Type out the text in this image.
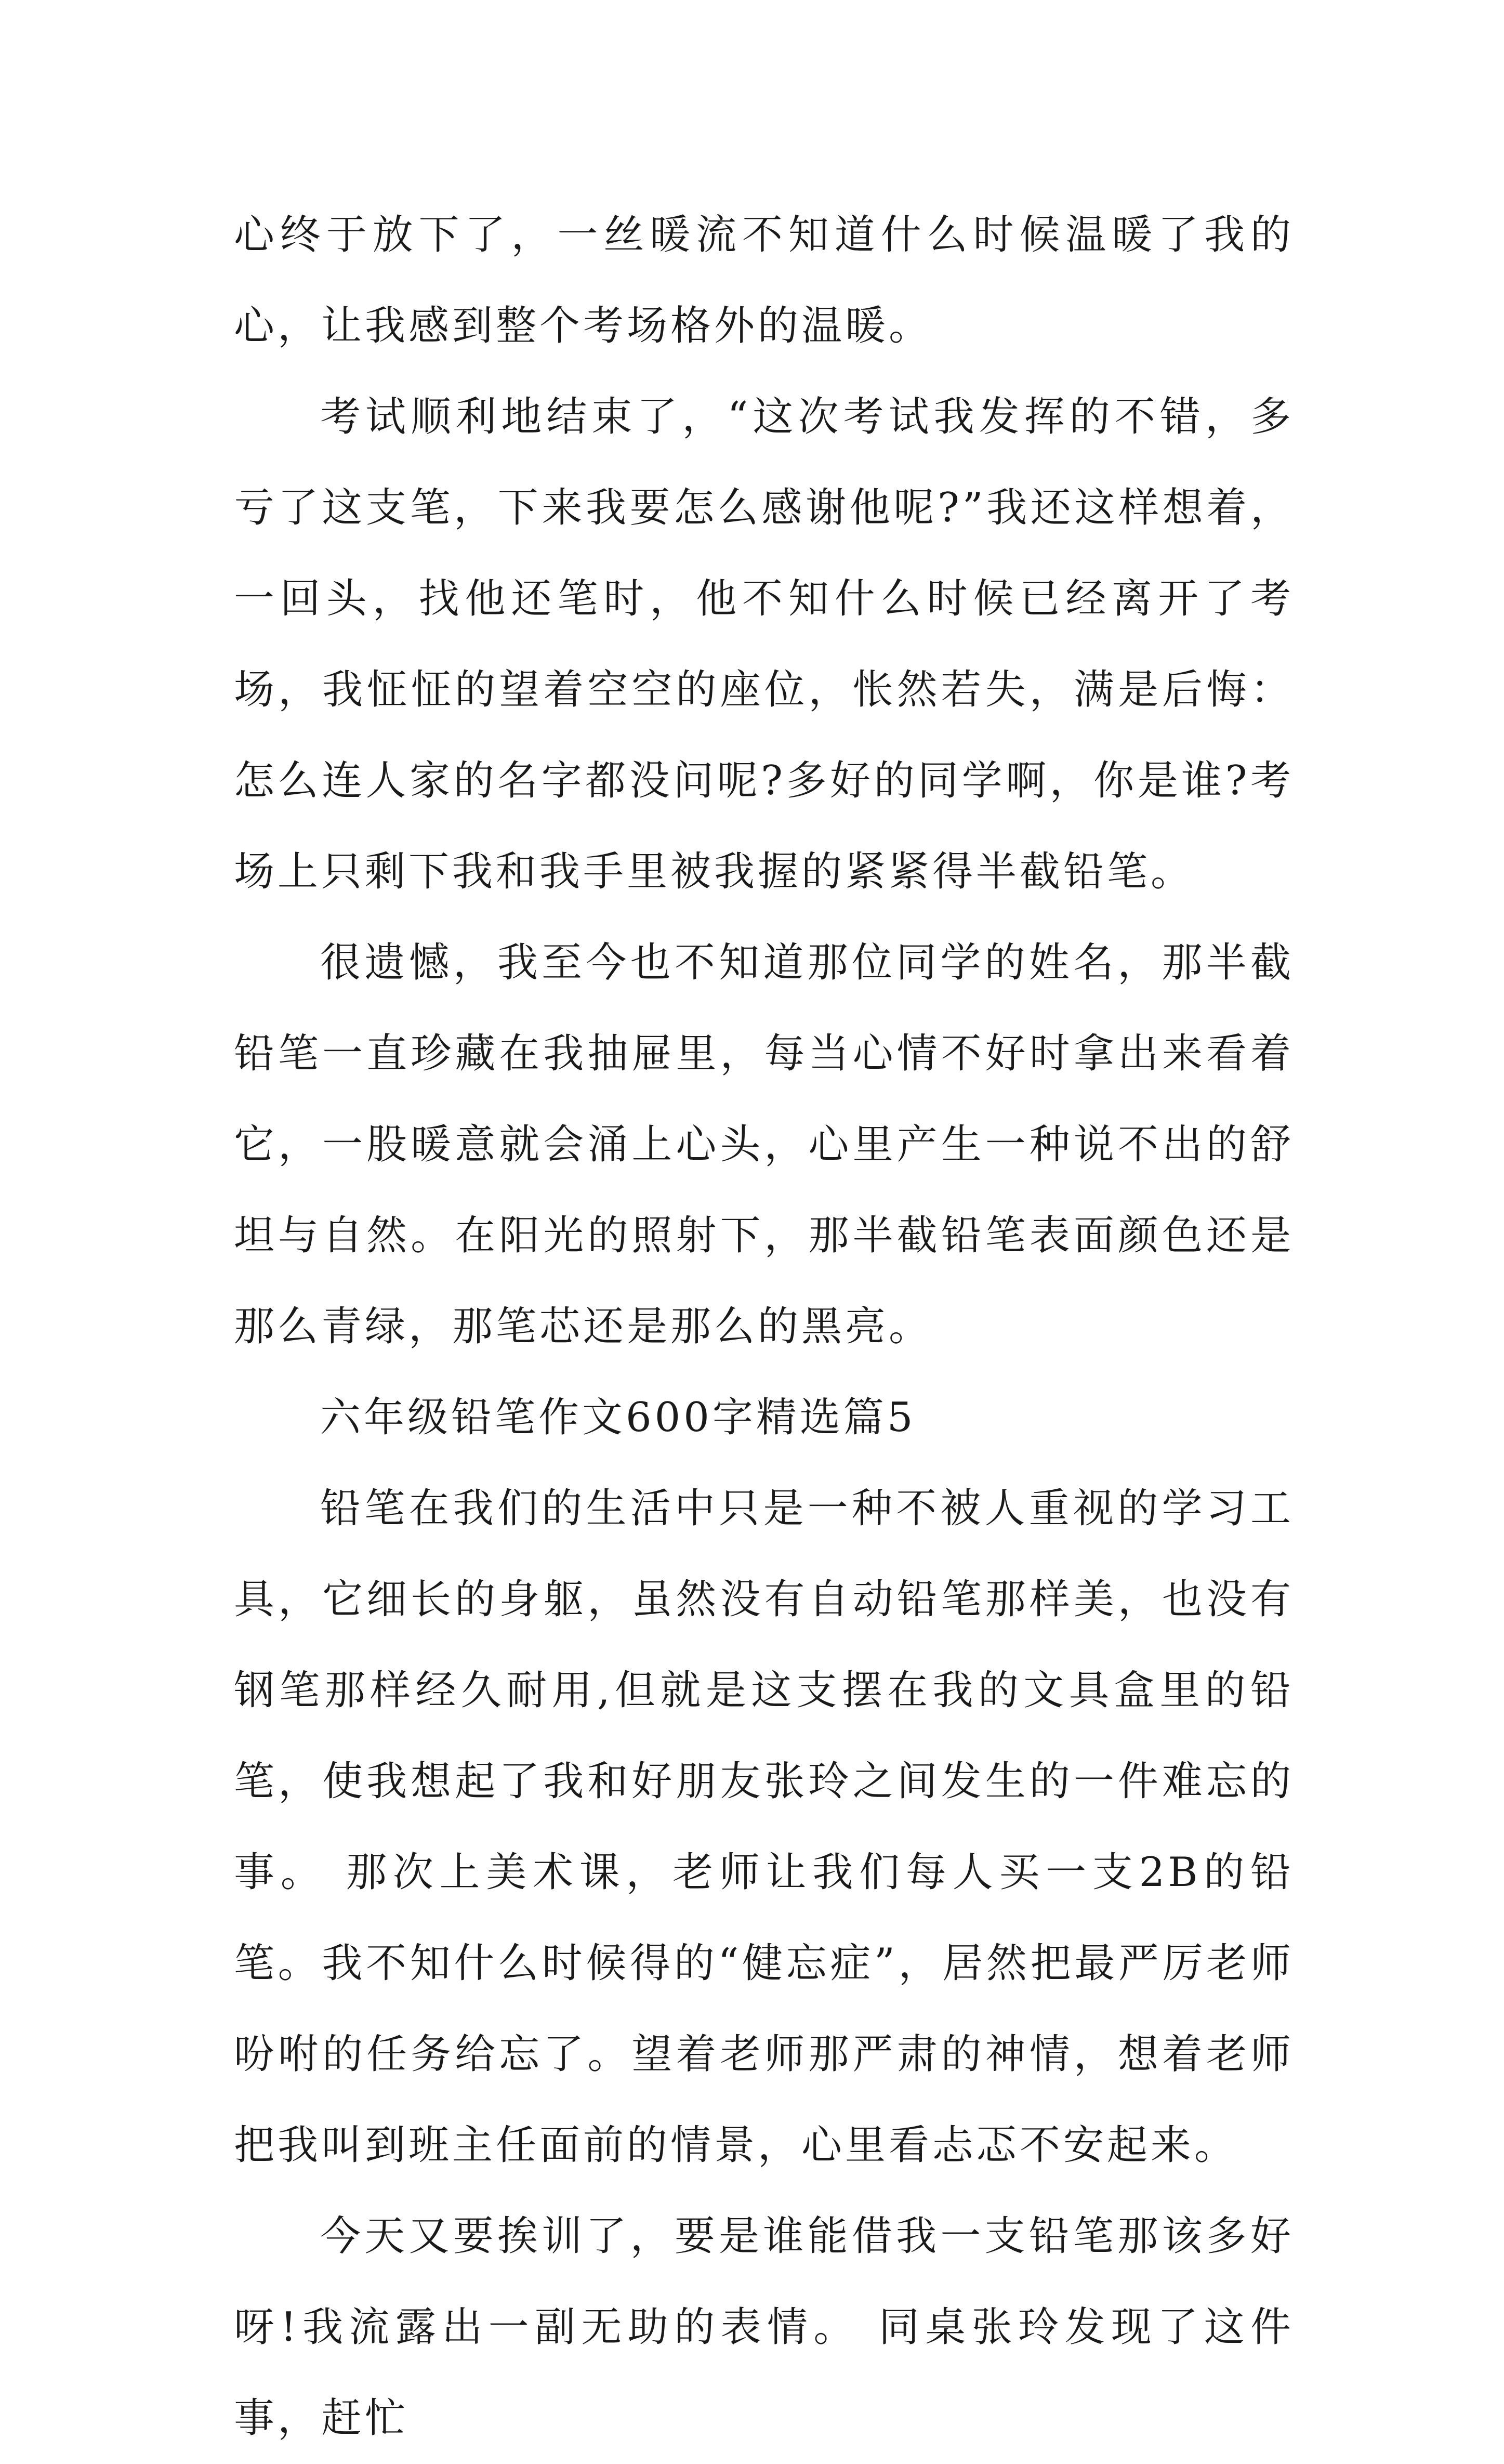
心终于放下了，一丝暖流不知道什么时候温暖了我的心，让我感到整个考场格外的温暖。

考试顺利地结束了，“这次考试我发挥的不错，多亏了这支笔，下来我要怎么感谢他呢?”我还这样想着，一回头，找他还笔时，他不知什么时候已经离开了考场，我怔怔的望着空空的座位，怅然若失，满是后悔：怎么连人家的名字都没问呢?多好的同学啊，你是谁?考场上只剩下我和我手里被我握的紧紧得半截铅笔。

很遗憾，我至今也不知道那位同学的姓名，那半截铅笔一直珍藏在我抽屉里，每当心情不好时拿出来看着它，一股暖意就会涌上心头，心里产生一种说不出的舒坦与自然。在阳光的照射下，那半截铅笔表面颜色还是那么青绿，那笔芯还是那么的黑亮。

六年级铅笔作文600字精选篇5

铅笔在我们的生活中只是一种不被人重视的学习工具，它细长的身躯，虽然没有自动铅笔那样美，也没有钢笔那样经久耐用,但就是这支摆在我的文具盒里的铅笔，使我想起了我和好朋友张玲之间发生的一件难忘的事。 那次上美术课，老师让我们每人买一支2B的铅笔。我不知什么时候得的“健忘症”，居然把最严厉老师吩咐的任务给忘了。望着老师那严肃的神情，想着老师把我叫到班主任面前的情景，心里看忐忑不安起来。

今天又要挨训了，要是谁能借我一支铅笔那该多好呀!我流露出一副无助的表情。 同桌张玲发现了这件事，赶忙
